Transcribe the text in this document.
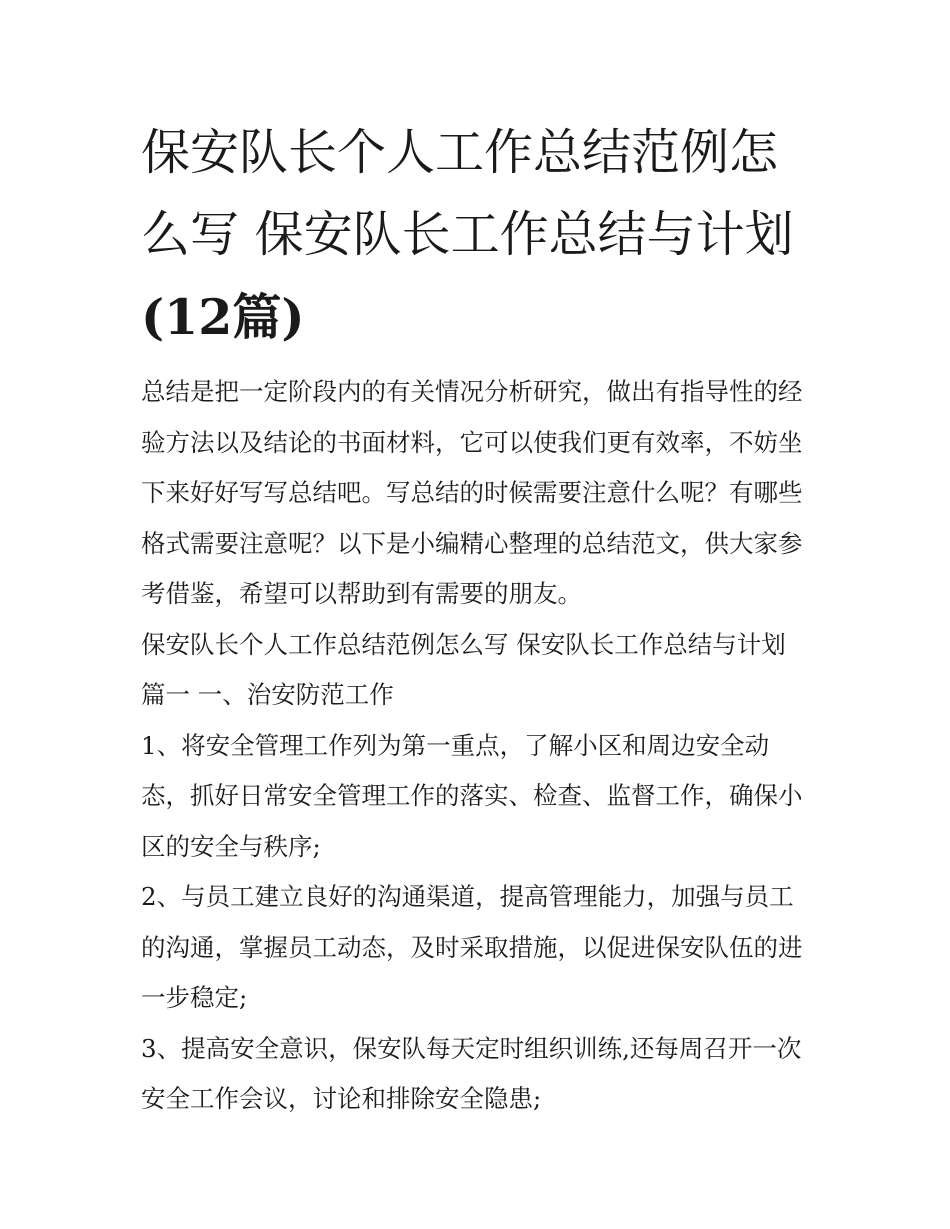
保安队长个人工作总结范例怎么写 保安队长工作总结与计划 (12篇)

总结是把一定阶段内的有关情况分析研究，做出有指导性的经验方法以及结论的书面材料，它可以使我们更有效率，不妨坐下来好好写写总结吧。写总结的时候需要注意什么呢？有哪些格式需要注意呢？以下是小编精心整理的总结范文，供大家参考借鉴，希望可以帮助到有需要的朋友。

保安队长个人工作总结范例怎么写 保安队长工作总结与计划

篇一 一、治安防范工作

1、将安全管理工作列为第一重点，了解小区和周边安全动态，抓好日常安全管理工作的落实、检查、监督工作，确保小区的安全与秩序;

2、与员工建立良好的沟通渠道，提高管理能力，加强与员工的沟通，掌握员工动态，及时采取措施，以促进保安队伍的进一步稳定;

3、提高安全意识，保安队每天定时组织训练,还每周召开一次安全工作会议，讨论和排除安全隐患;
